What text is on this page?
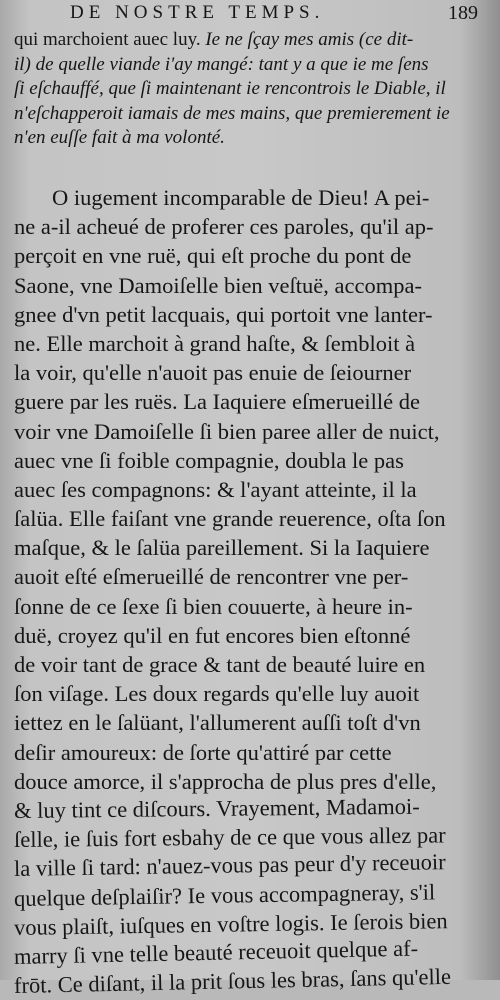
DE NOSTRE TEMPS.	189
qui marchoient auec luy. Ie ne ſçay mes amis (ce dit-
il) de quelle viande i'ay mangé: tant y a que ie me ſens
ſi eſchauffé, que ſi maintenant ie rencontrois le Diable, il
n'eſchapperoit iamais de mes mains, que premierement ie
n'en euſſe fait à ma volonté.
O iugement incomparable de Dieu! A pei-
ne a-il acheué de proferer ces paroles, qu'il ap-
perçoit en vne ruë, qui eſt proche du pont de
Saone, vne Damoiſelle bien veſtuë, accompa-
gnee d'vn petit lacquais, qui portoit vne lanter-
ne. Elle marchoit à grand haſte, & ſembloit à
la voir, qu'elle n'auoit pas enuie de ſeiourner
guere par les ruës. La Iaquiere eſmerueillé de
voir vne Damoiſelle ſi bien paree aller de nuict,
auec vne ſi foible compagnie, doubla le pas
auec ſes compagnons: & l'ayant atteinte, il la
ſalüa. Elle faiſant vne grande reuerence, oſta ſon
maſque, & le ſalüa pareillement. Si la Iaquiere
auoit eſté eſmerueillé de rencontrer vne per-
ſonne de ce ſexe ſi bien couuerte, à heure in-
duë, croyez qu'il en fut encores bien eſtonné
de voir tant de grace & tant de beauté luire en
ſon viſage. Les doux regards qu'elle luy auoit
iettez en le ſalüant, l'allumerent auſſi toſt d'vn
deſir amoureux: de ſorte qu'attiré par cette
douce amorce, il s'approcha de plus pres d'elle,
& luy tint ce diſcours. Vrayement, Madamoi-
ſelle, ie ſuis fort esbahy de ce que vous allez par
la ville ſi tard: n'auez-vous pas peur d'y receuoir
quelque deſplaiſir? Ie vous accompagneray, s'il
vous plaiſt, iuſques en voſtre logis. Ie ſerois bien
marry ſi vne telle beauté receuoit quelque af-
frōt. Ce diſant, il la prit ſous les bras, ſans qu'elle
